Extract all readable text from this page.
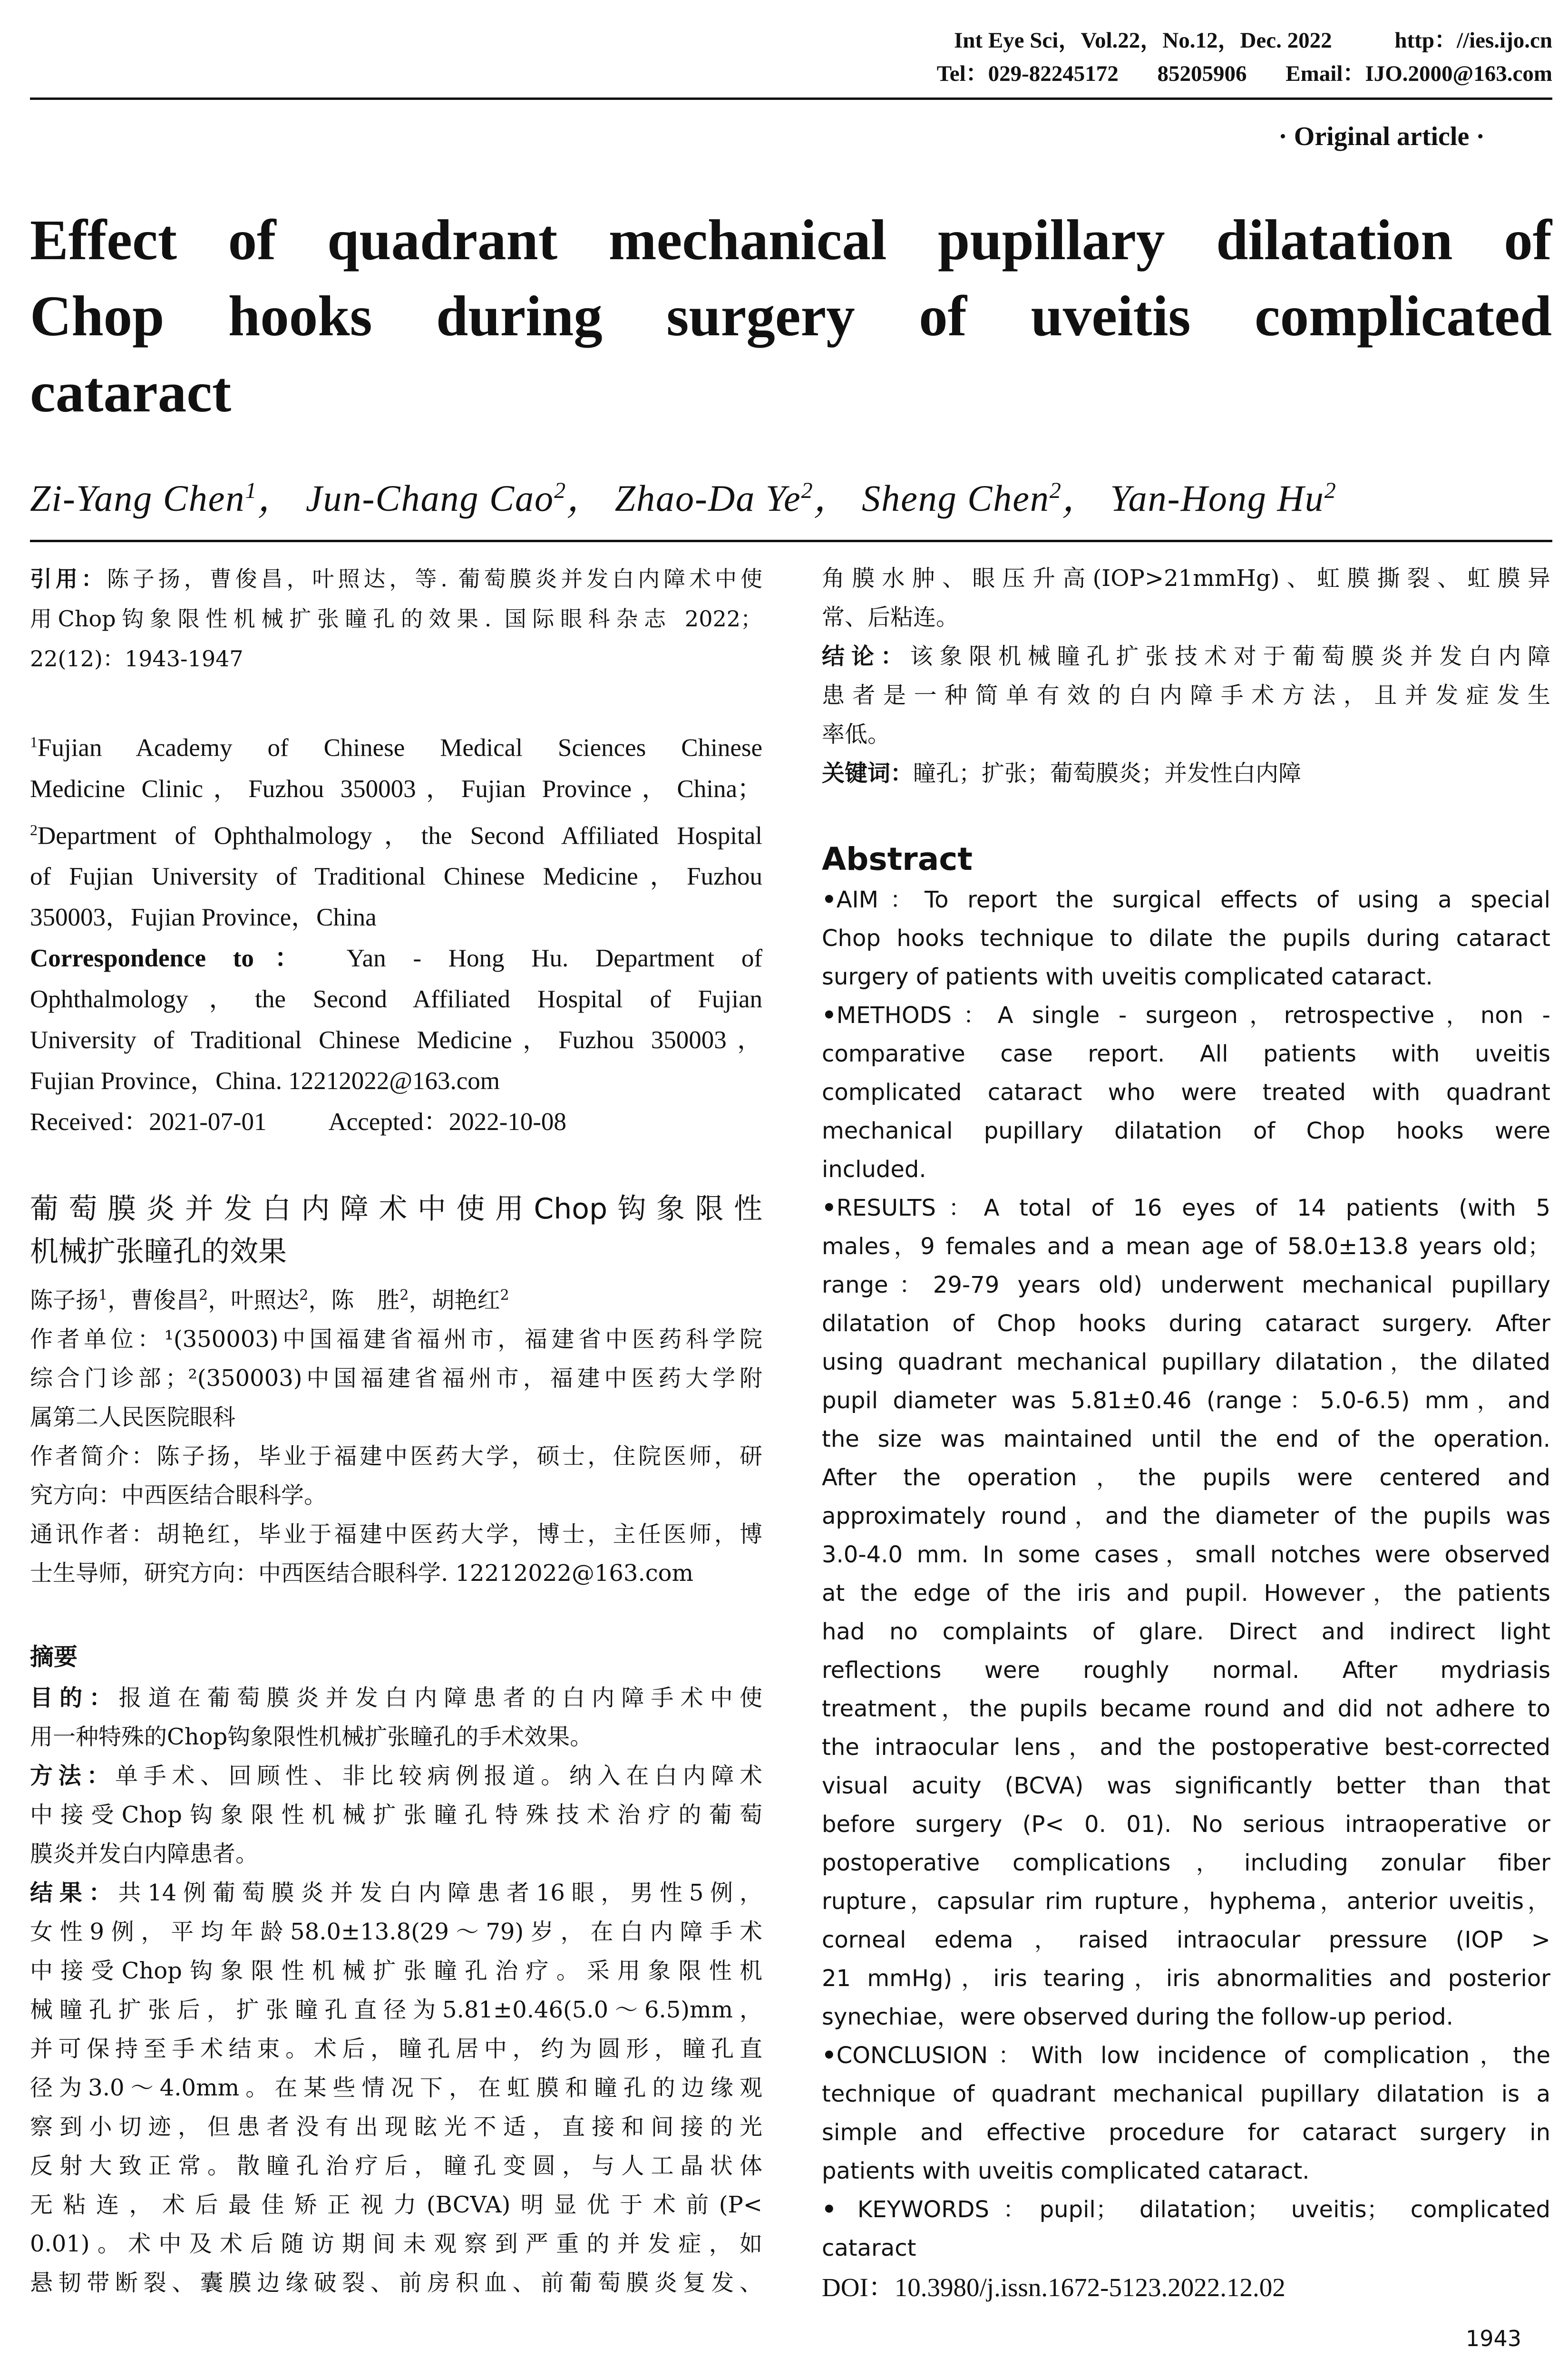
Int Eye Sci，Vol.22，No.12，Dec. 2022	http：//ies.ijo.cn
Tel：029-82245172 85205906 Email：IJO.2000@163.com
· Original article ·
Effect of quadrant mechanical pupillary dilatation of
Chop hooks during surgery of uveitis complicated
cataract
Zi-Yang Chen$^1$， Jun-Chang Cao$^2$， Zhao-Da Ye$^2$， Sheng Chen$^2$， Yan-Hong Hu$^2$
引用：陈子扬，曹俊昌，叶照达，等. 葡萄膜炎并发白内障术中使
用Chop钩象限性机械扩张瞳孔的效果. 国际眼科杂志 2022；
22(12)：1943-1947
$^1$Fujian Academy of Chinese Medical Sciences Chinese
Medicine Clinic，Fuzhou 350003，Fujian Province，China；
$^2$Department of Ophthalmology，the Second Affiliated Hospital
of Fujian University of Traditional Chinese Medicine，Fuzhou
350003，Fujian Province，China
Correspondence to： Yan - Hong Hu. Department of
Ophthalmology，the Second Affiliated Hospital of Fujian
University of Traditional Chinese Medicine，Fuzhou 350003，
Fujian Province，China. 12212022@163.com
Received：2021-07-01 Accepted：2022-10-08
葡萄膜炎并发白内障术中使用Chop钩象限性
机械扩张瞳孔的效果
陈子扬$^1$，曹俊昌$^2$，叶照达$^2$，陈　胜$^2$，胡艳红$^2$
作者单位：¹(350003)中国福建省福州市，福建省中医药科学院
综合门诊部；²(350003)中国福建省福州市，福建中医药大学附
属第二人民医院眼科
作者简介：陈子扬，毕业于福建中医药大学，硕士，住院医师，研
究方向：中西医结合眼科学。
通讯作者：胡艳红，毕业于福建中医药大学，博士，主任医师，博
士生导师，研究方向：中西医结合眼科学. 12212022@163.com
摘要
目的：报道在葡萄膜炎并发白内障患者的白内障手术中使
用一种特殊的Chop钩象限性机械扩张瞳孔的手术效果。
方法：单手术、回顾性、非比较病例报道。纳入在白内障术
中接受Chop钩象限性机械扩张瞳孔特殊技术治疗的葡萄
膜炎并发白内障患者。
结果：共14例葡萄膜炎并发白内障患者16眼，男性5例，
女性9例，平均年龄58.0±13.8(29～79)岁，在白内障手术
中接受Chop钩象限性机械扩张瞳孔治疗。采用象限性机
械瞳孔扩张后，扩张瞳孔直径为5.81±0.46(5.0～6.5)mm，
并可保持至手术结束。术后，瞳孔居中，约为圆形，瞳孔直
径为3.0～4.0mm。在某些情况下，在虹膜和瞳孔的边缘观
察到小切迹，但患者没有出现眩光不适，直接和间接的光
反射大致正常。散瞳孔治疗后，瞳孔变圆，与人工晶状体
无粘连，术后最佳矫正视力(BCVA)明显优于术前(P<
0.01)。术中及术后随访期间未观察到严重的并发症，如
悬韧带断裂、囊膜边缘破裂、前房积血、前葡萄膜炎复发、
角膜水肿、眼压升高(IOP>21mmHg)、虹膜撕裂、虹膜异
常、后粘连。
结论：该象限机械瞳孔扩张技术对于葡萄膜炎并发白内障
患者是一种简单有效的白内障手术方法，且并发症发生
率低。
关键词：瞳孔；扩张；葡萄膜炎；并发性白内障
Abstract
•AIM：To report the surgical effects of using a special
Chop hooks technique to dilate the pupils during cataract
surgery of patients with uveitis complicated cataract.
•METHODS：A single - surgeon，retrospective，non -
comparative case report. All patients with uveitis
complicated cataract who were treated with quadrant
mechanical pupillary dilatation of Chop hooks were
included.
•RESULTS：A total of 16 eyes of 14 patients (with 5
males，9 females and a mean age of 58.0±13.8 years old；
range：29-79 years old) underwent mechanical pupillary
dilatation of Chop hooks during cataract surgery. After
using quadrant mechanical pupillary dilatation，the dilated
pupil diameter was 5.81±0.46 (range：5.0-6.5) mm，and
the size was maintained until the end of the operation.
After the operation，the pupils were centered and
approximately round，and the diameter of the pupils was
3.0-4.0 mm. In some cases，small notches were observed
at the edge of the iris and pupil. However，the patients
had no complaints of glare. Direct and indirect light
reflections were roughly normal. After mydriasis
treatment，the pupils became round and did not adhere to
the intraocular lens，and the postoperative best-corrected
visual acuity (BCVA) was significantly better than that
before surgery (P< 0. 01). No serious intraoperative or
postoperative complications，including zonular fiber
rupture，capsular rim rupture，hyphema，anterior uveitis，
corneal edema，raised intraocular pressure (IOP >
21 mmHg)，iris tearing，iris abnormalities and posterior
synechiae，were observed during the follow-up period.
•CONCLUSION：With low incidence of complication，the
technique of quadrant mechanical pupillary dilatation is a
simple and effective procedure for cataract surgery in
patients with uveitis complicated cataract.
• KEYWORDS：pupil； dilatation； uveitis； complicated
cataract
DOI：10.3980/j.issn.1672-5123.2022.12.02
1943
